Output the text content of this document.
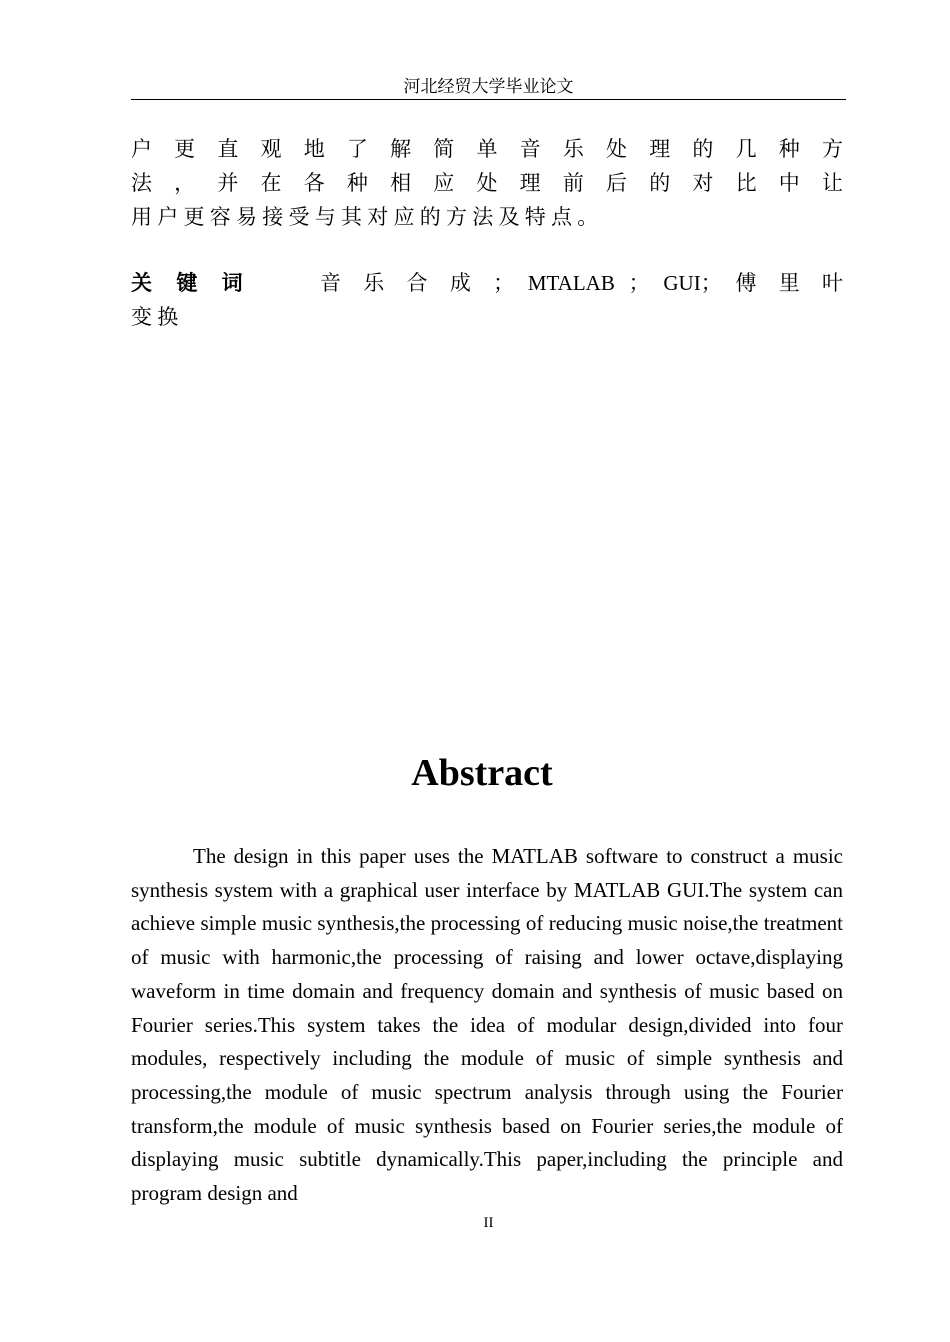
河北经贸大学毕业论文
户 更 直 观 地 了 解 简 单 音 乐 处 理 的 几 种 方
法 ， 并 在 各 种 相 应 处 理 前 后 的 对 比 中 让
用 户 更 容 易 接 受 与 其 对 应 的 方 法 及 特 点 。
关 键 词	音 乐 合 成 ； MTALAB ； GUI； 傅 里 叶
变 换
Abstract
The design in this paper uses the MATLAB software to construct a music synthesis system with a graphical user interface by MATLAB GUI.The system can achieve simple music synthesis,the processing of reducing music noise,the treatment of music with harmonic,the processing of raising and lower octave,displaying waveform in time domain and frequency domain and synthesis of music based on Fourier series.This system takes the idea of modular design,divided into four modules, respectively including the module of music of simple synthesis and processing,the module of music spectrum analysis through using the Fourier transform,the module of music synthesis based on Fourier series,the module of displaying music subtitle dynamically.This paper,including the principle and program design and
II
